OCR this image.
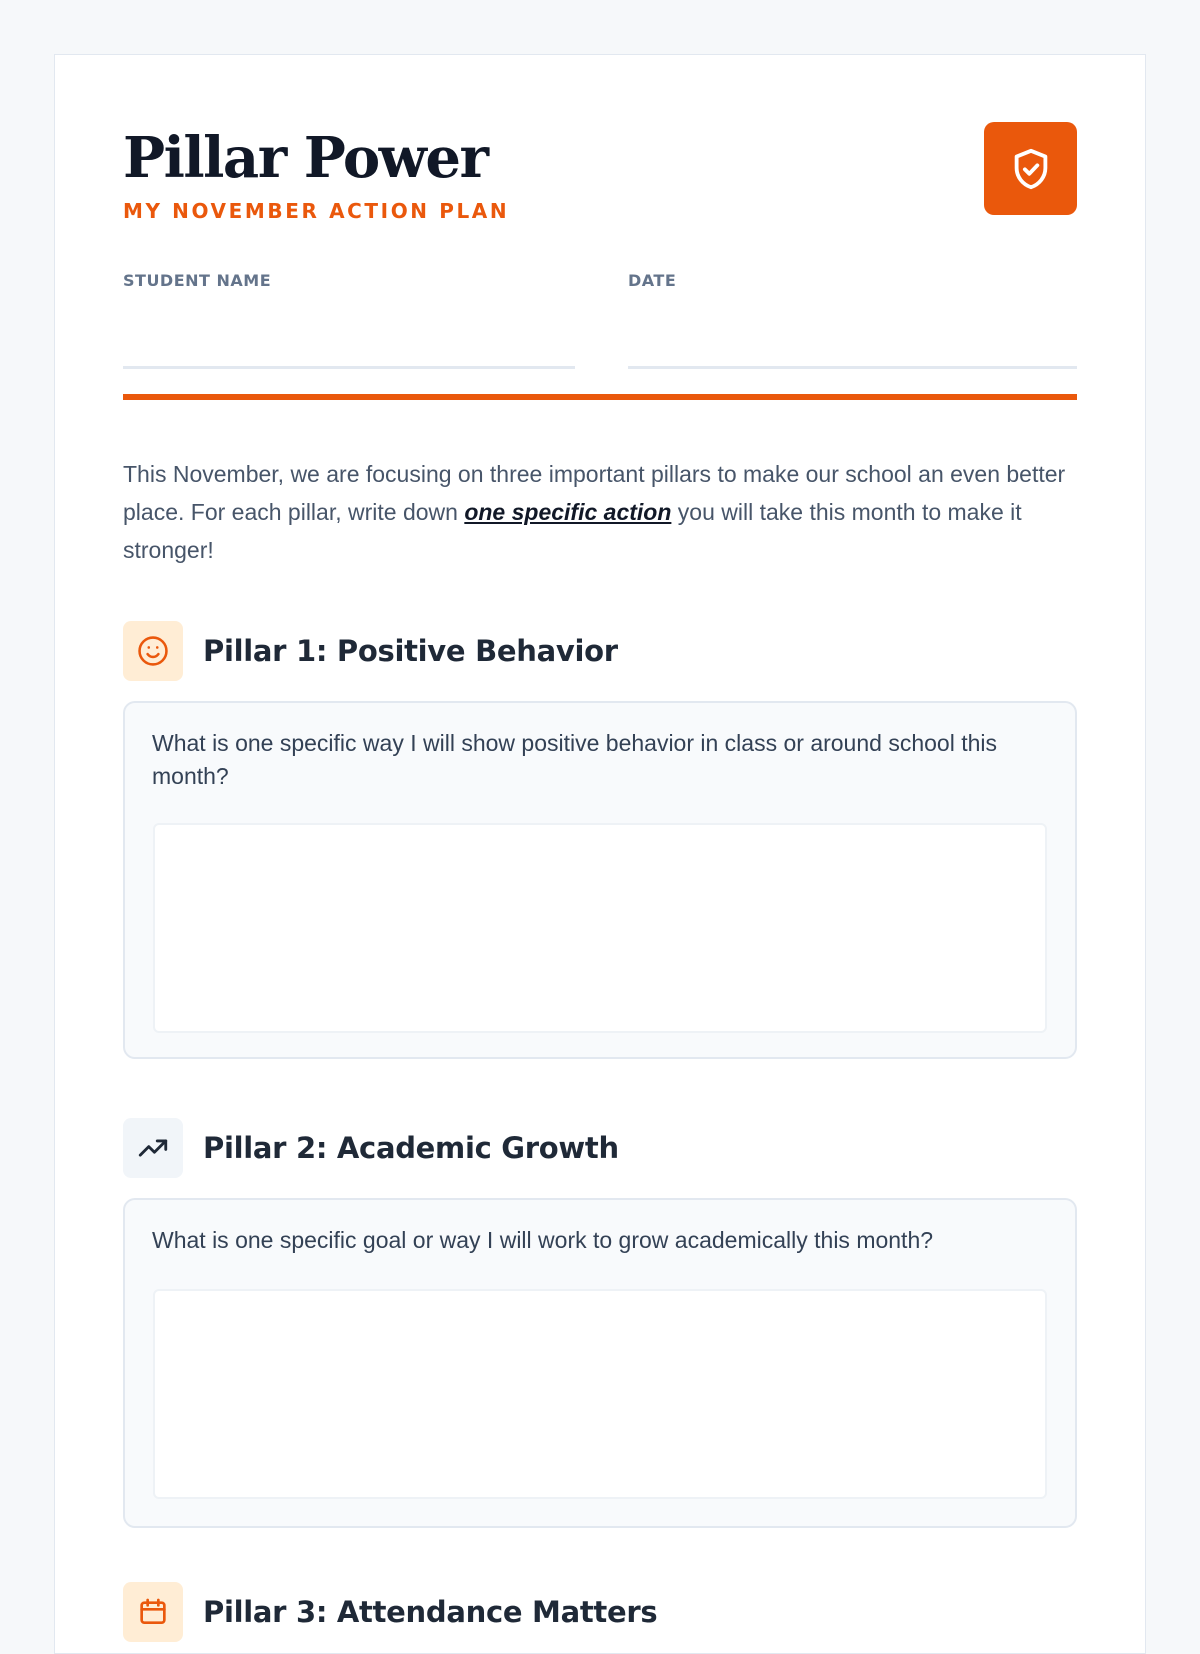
Pillar Power
MY NOVEMBER ACTION PLAN
STUDENT NAME	DATE

This November, we are focusing on three important pillars to make our school an even better place. For each pillar, write down one specific action you will take this month to make it stronger!

Pillar 1: Positive Behavior

What is one specific way I will show positive behavior in class or around school this month?

Pillar 2: Academic Growth

What is one specific goal or way I will work to grow academically this month?

Pillar 3: Attendance Matters
